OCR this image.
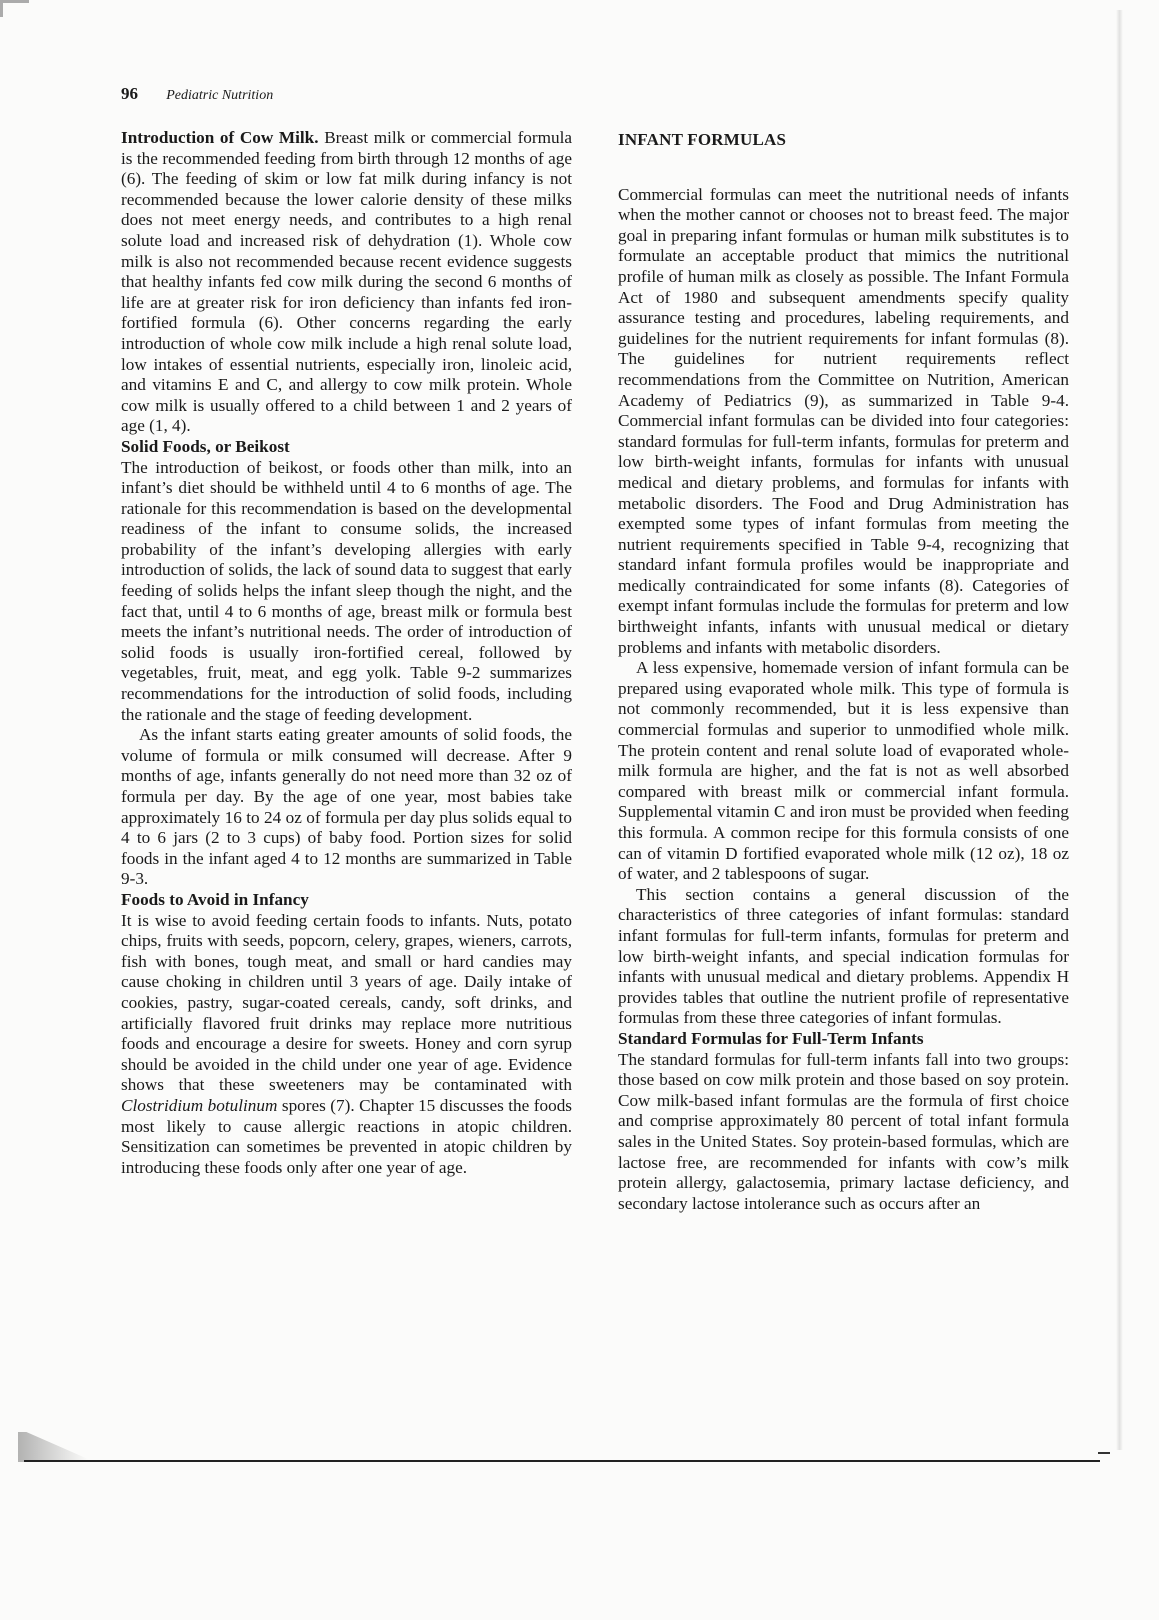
96 Pediatric Nutrition

Introduction of Cow Milk. Breast milk or commercial formula is the recommended feeding from birth through 12 months of age (6). The feeding of skim or low fat milk during infancy is not recommended because the lower calorie density of these milks does not meet energy needs, and contributes to a high renal solute load and increased risk of dehydration (1). Whole cow milk is also not recommended because recent evidence suggests that healthy infants fed cow milk during the second 6 months of life are at greater risk for iron deficiency than infants fed iron-fortified formula (6). Other concerns regarding the early introduction of whole cow milk include a high renal solute load, low intakes of essential nutrients, especially iron, linoleic acid, and vitamins E and C, and allergy to cow milk protein. Whole cow milk is usually offered to a child between 1 and 2 years of age (1, 4).

Solid Foods, or Beikost

The introduction of beikost, or foods other than milk, into an infant’s diet should be withheld until 4 to 6 months of age. The rationale for this recommendation is based on the developmental readiness of the infant to consume solids, the increased probability of the infant’s developing allergies with early introduction of solids, the lack of sound data to suggest that early feeding of solids helps the infant sleep though the night, and the fact that, until 4 to 6 months of age, breast milk or formula best meets the infant’s nutritional needs. The order of introduction of solid foods is usually iron-fortified cereal, followed by vegetables, fruit, meat, and egg yolk. Table 9-2 summarizes recommendations for the introduction of solid foods, including the rationale and the stage of feeding development.

As the infant starts eating greater amounts of solid foods, the volume of formula or milk consumed will decrease. After 9 months of age, infants generally do not need more than 32 oz of formula per day. By the age of one year, most babies take approximately 16 to 24 oz of formula per day plus solids equal to 4 to 6 jars (2 to 3 cups) of baby food. Portion sizes for solid foods in the infant aged 4 to 12 months are summarized in Table 9-3.

Foods to Avoid in Infancy

It is wise to avoid feeding certain foods to infants. Nuts, potato chips, fruits with seeds, popcorn, celery, grapes, wieners, carrots, fish with bones, tough meat, and small or hard candies may cause choking in children until 3 years of age. Daily intake of cookies, pastry, sugar-coated cereals, candy, soft drinks, and artificially flavored fruit drinks may replace more nutritious foods and encourage a desire for sweets. Honey and corn syrup should be avoided in the child under one year of age. Evidence shows that these sweeteners may be contaminated with Clostridium botulinum spores (7). Chapter 15 discusses the foods most likely to cause allergic reactions in atopic children. Sensitization can sometimes be prevented in atopic children by introducing these foods only after one year of age.

INFANT FORMULAS

Commercial formulas can meet the nutritional needs of infants when the mother cannot or chooses not to breast feed. The major goal in preparing infant formulas or human milk substitutes is to formulate an acceptable product that mimics the nutritional profile of human milk as closely as possible. The Infant Formula Act of 1980 and subsequent amendments specify quality assurance testing and procedures, labeling requirements, and guidelines for the nutrient requirements for infant formulas (8). The guidelines for nutrient requirements reflect recommendations from the Committee on Nutrition, American Academy of Pediatrics (9), as summarized in Table 9-4. Commercial infant formulas can be divided into four categories: standard formulas for full-term infants, formulas for preterm and low birth-weight infants, formulas for infants with unusual medical and dietary problems, and formulas for infants with metabolic disorders. The Food and Drug Administration has exempted some types of infant formulas from meeting the nutrient requirements specified in Table 9-4, recognizing that standard infant formula profiles would be inappropriate and medically contraindicated for some infants (8). Categories of exempt infant formulas include the formulas for preterm and low birthweight infants, infants with unusual medical or dietary problems and infants with metabolic disorders.

A less expensive, homemade version of infant formula can be prepared using evaporated whole milk. This type of formula is not commonly recommended, but it is less expensive than commercial formulas and superior to unmodified whole milk. The protein content and renal solute load of evaporated whole-milk formula are higher, and the fat is not as well absorbed compared with breast milk or commercial infant formula. Supplemental vitamin C and iron must be provided when feeding this formula. A common recipe for this formula consists of one can of vitamin D fortified evaporated whole milk (12 oz), 18 oz of water, and 2 tablespoons of sugar.

This section contains a general discussion of the characteristics of three categories of infant formulas: standard infant formulas for full-term infants, formulas for preterm and low birth-weight infants, and special indication formulas for infants with unusual medical and dietary problems. Appendix H provides tables that outline the nutrient profile of representative formulas from these three categories of infant formulas.

Standard Formulas for Full-Term Infants

The standard formulas for full-term infants fall into two groups: those based on cow milk protein and those based on soy protein. Cow milk-based infant formulas are the formula of first choice and comprise approximately 80 percent of total infant formula sales in the United States. Soy protein-based formulas, which are lactose free, are recommended for infants with cow’s milk protein allergy, galactosemia, primary lactase deficiency, and secondary lactose intolerance such as occurs after an
